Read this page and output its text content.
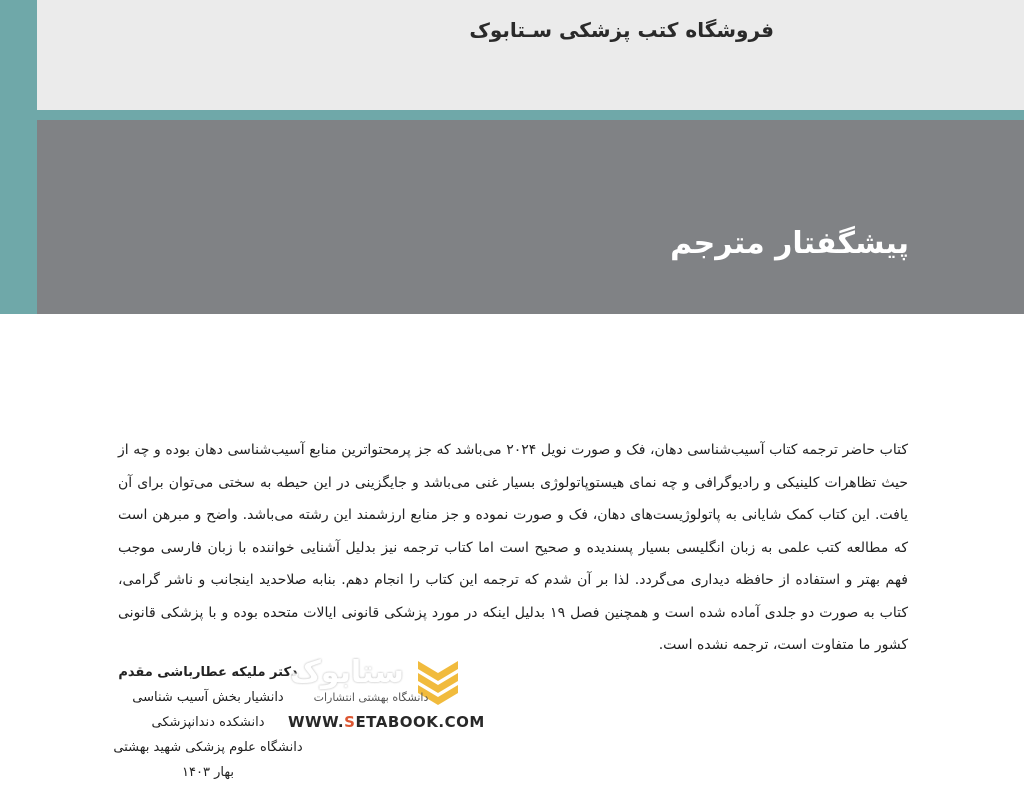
فروشگاه کتب پزشکی سـتابوک
پیشگفتار مترجم
کتاب حاضر ترجمه کتاب آسیب‌شناسی دهان، فک و صورت نویل ۲۰۲۴ می‌باشد که جز پرمحتواترین منابع آسیب‌شناسی دهان بوده و چه از حیث تظاهرات کلینیکی و رادیوگرافی و چه نمای هیستوپاتولوژی بسیار غنی می‌باشد و جایگزینی در این حیطه به سختی می‌توان برای آن یافت. این کتاب کمک شایانی به پاتولوژیست‌های دهان، فک و صورت نموده و جز منابع ارزشمند این رشته می‌باشد. واضح و مبرهن است که مطالعه کتب علمی به زبان انگلیسی بسیار پسندیده و صحیح است اما کتاب ترجمه نیز بدلیل آشنایی خواننده با زبان فارسی موجب فهم بهتر و استفاده از حافظه دیداری می‌گردد. لذا بر آن شدم که ترجمه این کتاب را انجام دهم. بنابه صلاحدید اینجانب و ناشر گرامی، کتاب به صورت دو جلدی آماده شده است و همچنین فصل ۱۹ بدلیل اینکه در مورد پزشکی قانونی ایالات متحده بوده و با پزشکی قانونی کشور ما متفاوت است، ترجمه نشده است.
دکتر ملیکه عطارباشی مقدم
دانشیار بخش آسیب شناسی دانشکده دندانپزشکی
دانشگاه علوم پزشکی شهید بهشتی
بهار ۱۴۰۳
ستابوک
دانشگاه بهشتی انتشارات
WWW.SETABOOK.COM
